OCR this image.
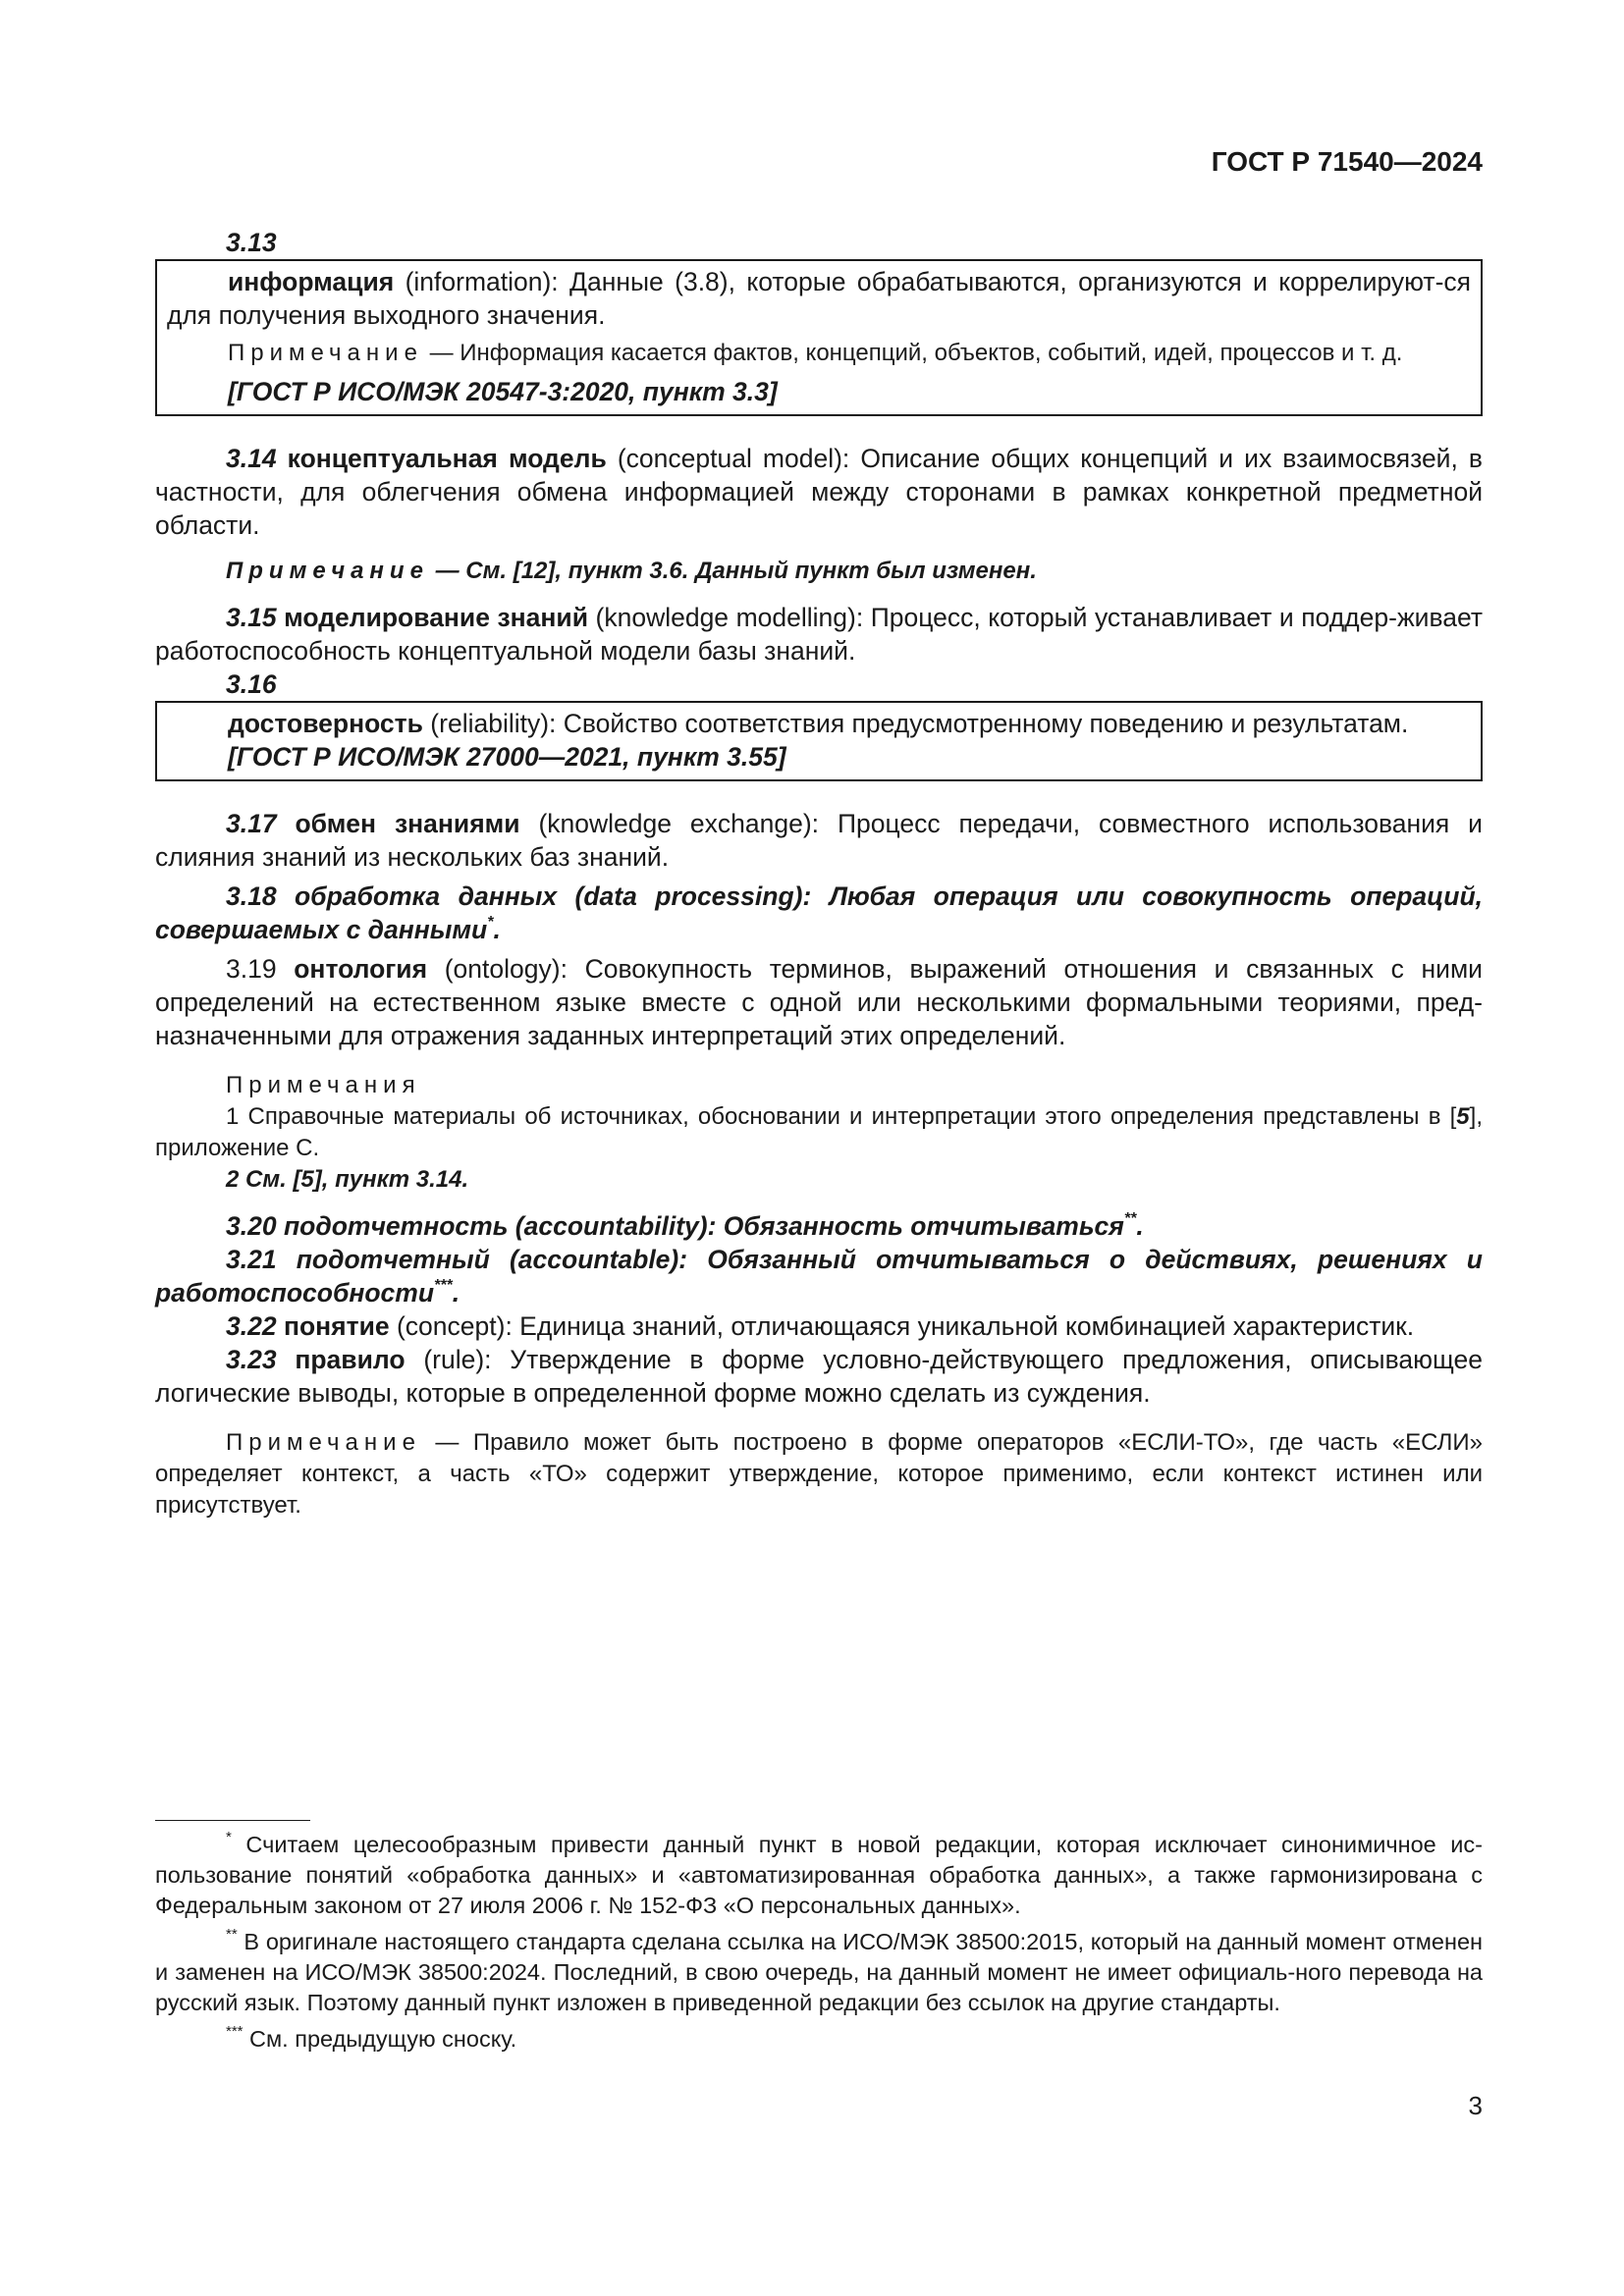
ГОСТ Р 71540—2024

3.13

информация (information): Данные (3.8), которые обрабатываются, организуются и коррелируют-ся для получения выходного значения.

Примечание — Информация касается фактов, концепций, объектов, событий, идей, процессов и т. д.

[ГОСТ Р ИСО/МЭК 20547-3:2020, пункт 3.3]

3.14 концептуальная модель (conceptual model): Описание общих концепций и их взаимосвязей, в частности, для облегчения обмена информацией между сторонами в рамках конкретной предметной области.

Примечание — См. [12], пункт 3.6. Данный пункт был изменен.

3.15 моделирование знаний (knowledge modelling): Процесс, который устанавливает и поддер-живает работоспособность концептуальной модели базы знаний.

3.16

достоверность (reliability): Свойство соответствия предусмотренному поведению и результатам.

[ГОСТ Р ИСО/МЭК 27000—2021, пункт 3.55]

3.17 обмен знаниями (knowledge exchange): Процесс передачи, совместного использования и слияния знаний из нескольких баз знаний.

3.18 обработка данных (data processing): Любая операция или совокупность операций, совершаемых с данными*.

3.19 онтология (ontology): Совокупность терминов, выражений отношения и связанных с ними определений на естественном языке вместе с одной или несколькими формальными теориями, пред-назначенными для отражения заданных интерпретаций этих определений.

Примечания

1 Справочные материалы об источниках, обосновании и интерпретации этого определения представлены в [5], приложение С.

2 См. [5], пункт 3.14.

3.20 подотчетность (accountability): Обязанность отчитываться**.

3.21 подотчетный (accountable): Обязанный отчитываться о действиях, решениях и работоспособности***.

3.22 понятие (concept): Единица знаний, отличающаяся уникальной комбинацией характеристик.

3.23 правило (rule): Утверждение в форме условно-действующего предложения, описывающее логические выводы, которые в определенной форме можно сделать из суждения.

Примечание — Правило может быть построено в форме операторов «ЕСЛИ-ТО», где часть «ЕСЛИ» определяет контекст, а часть «ТО» содержит утверждение, которое применимо, если контекст истинен или присутствует.

* Считаем целесообразным привести данный пункт в новой редакции, которая исключает синонимичное ис-пользование понятий «обработка данных» и «автоматизированная обработка данных», а также гармонизирована с Федеральным законом от 27 июля 2006 г. № 152-ФЗ «О персональных данных».

** В оригинале настоящего стандарта сделана ссылка на ИСО/МЭК 38500:2015, который на данный момент отменен и заменен на ИСО/МЭК 38500:2024. Последний, в свою очередь, на данный момент не имеет официаль-ного перевода на русский язык. Поэтому данный пункт изложен в приведенной редакции без ссылок на другие стандарты.

*** См. предыдущую сноску.

3
